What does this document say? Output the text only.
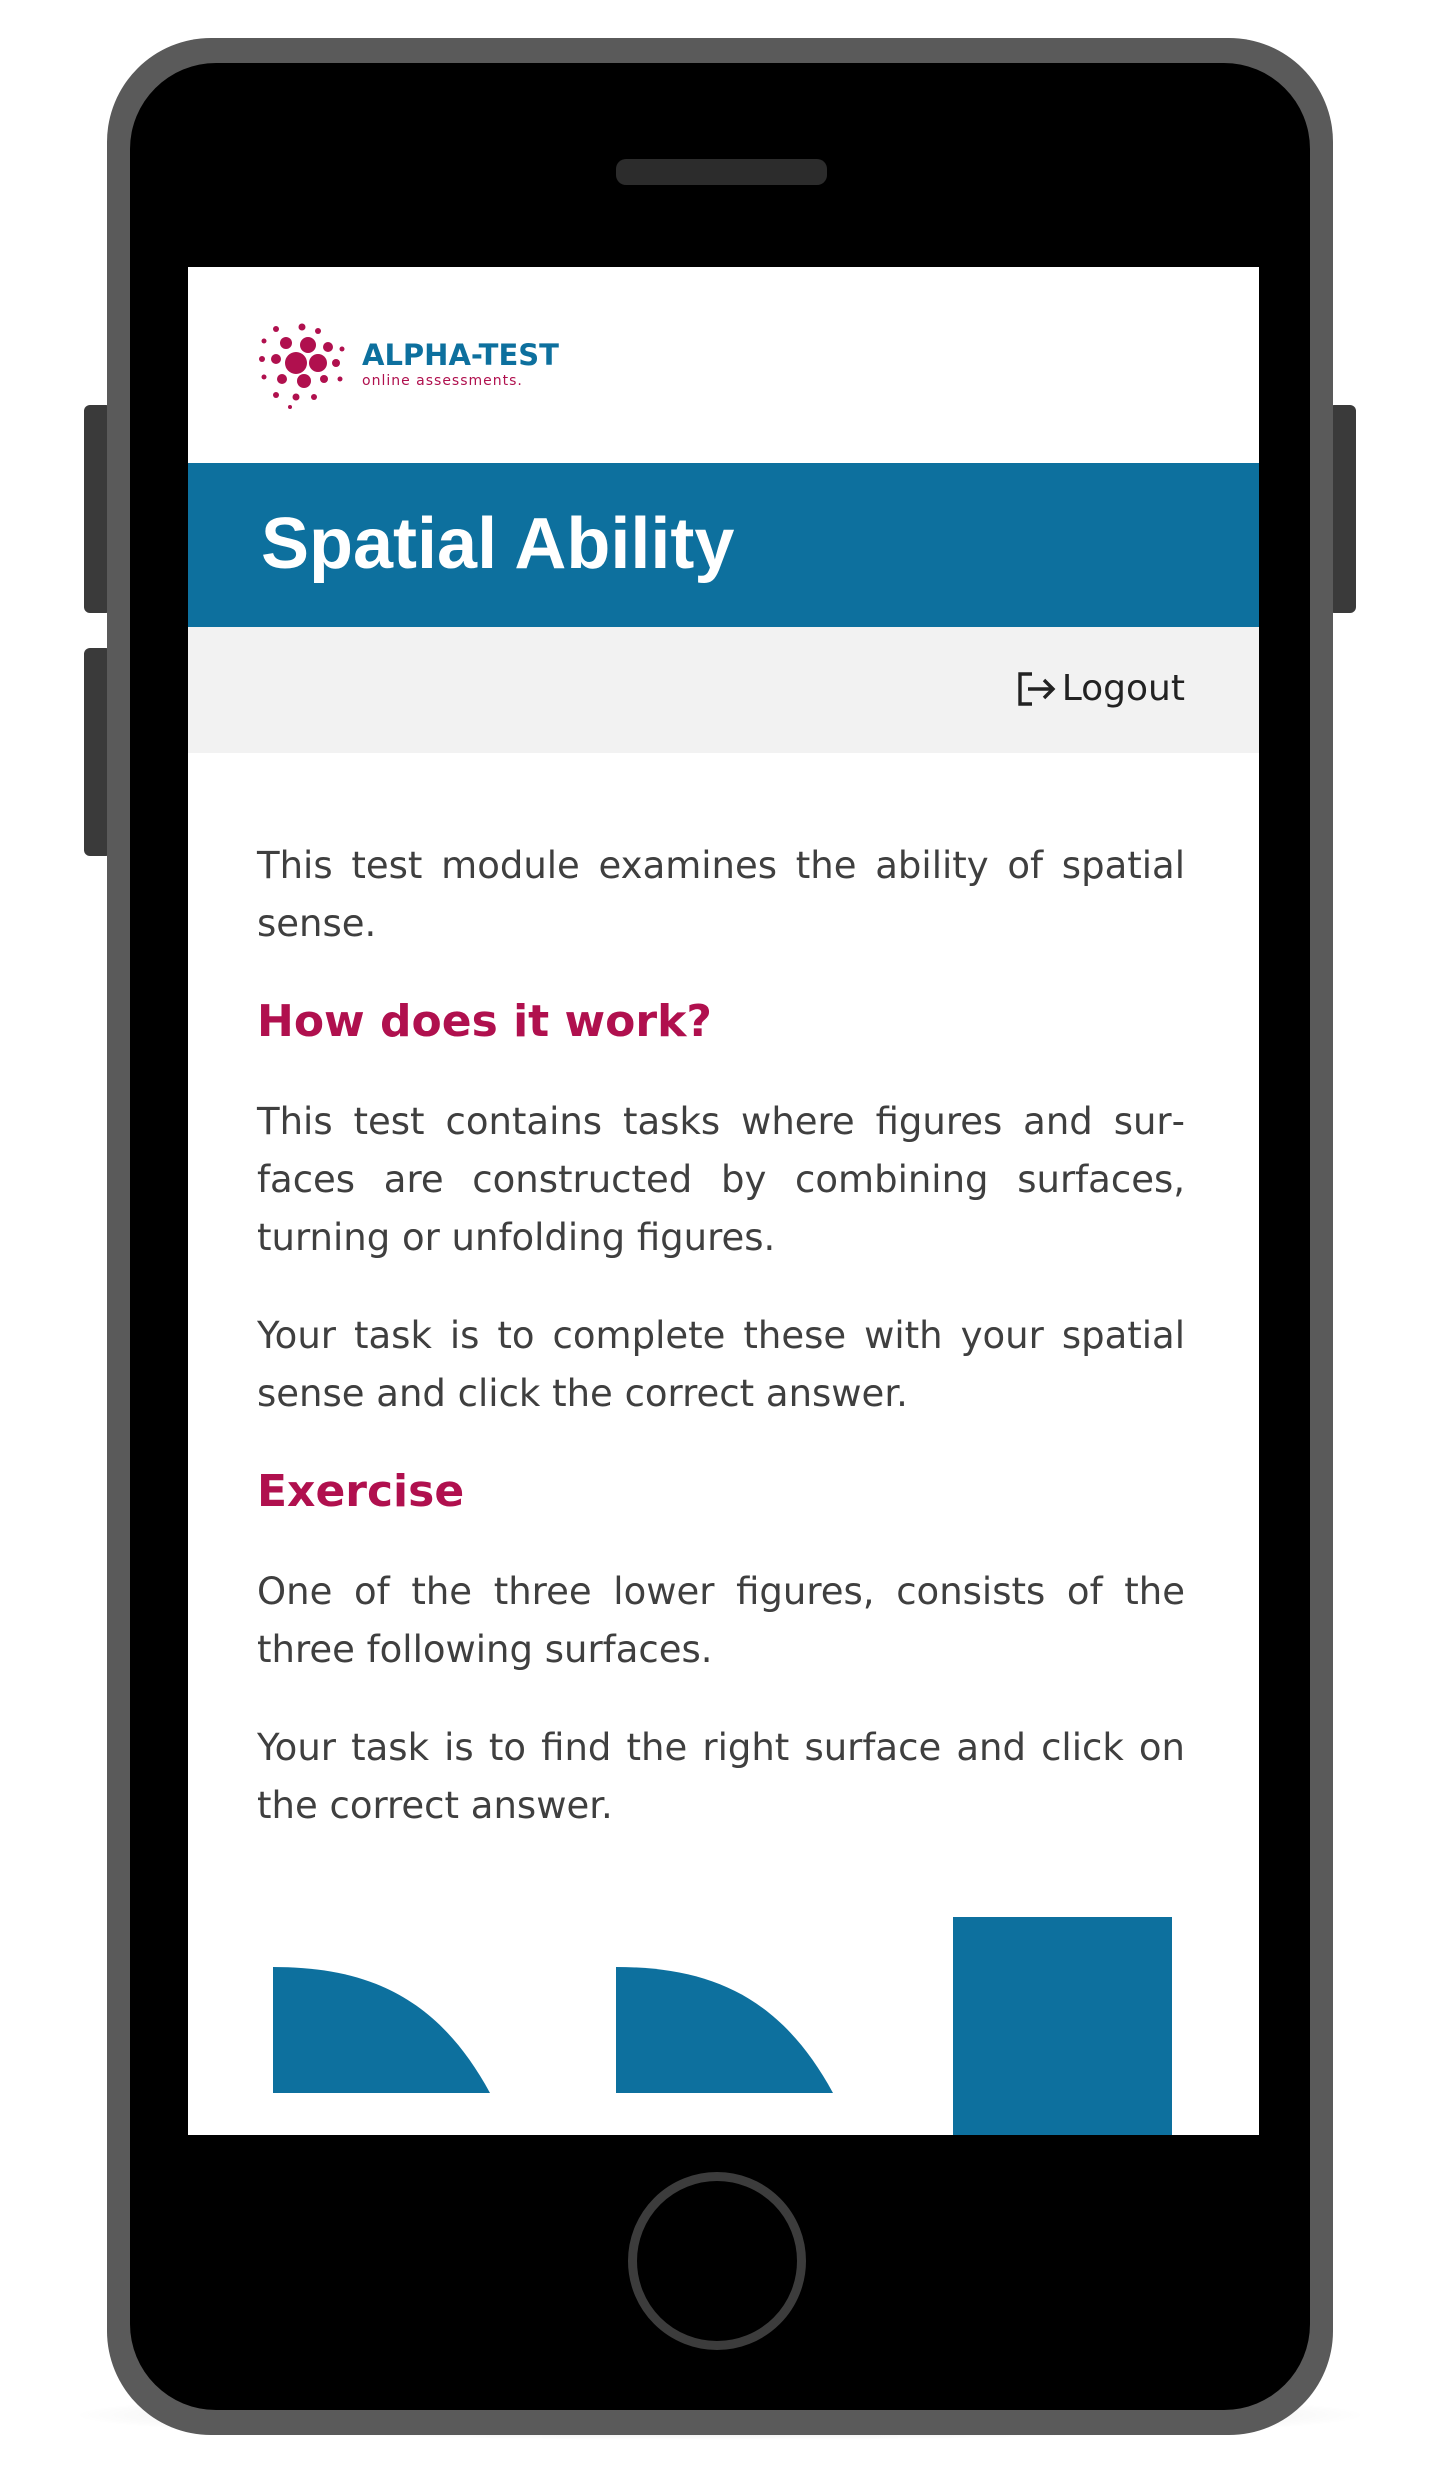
ALPHA-TEST
online assessments.
Spatial Ability
Logout

This test module examines the ability of spatial sense.

How does it work?

This test contains tasks where figures and surfaces are constructed by combining surfaces, turning or unfolding figures.

Your task is to complete these with your spatial sense and click the correct answer.

Exercise

One of the three lower figures, consists of the three following surfaces.

Your task is to find the right surface and click on the correct answer.
